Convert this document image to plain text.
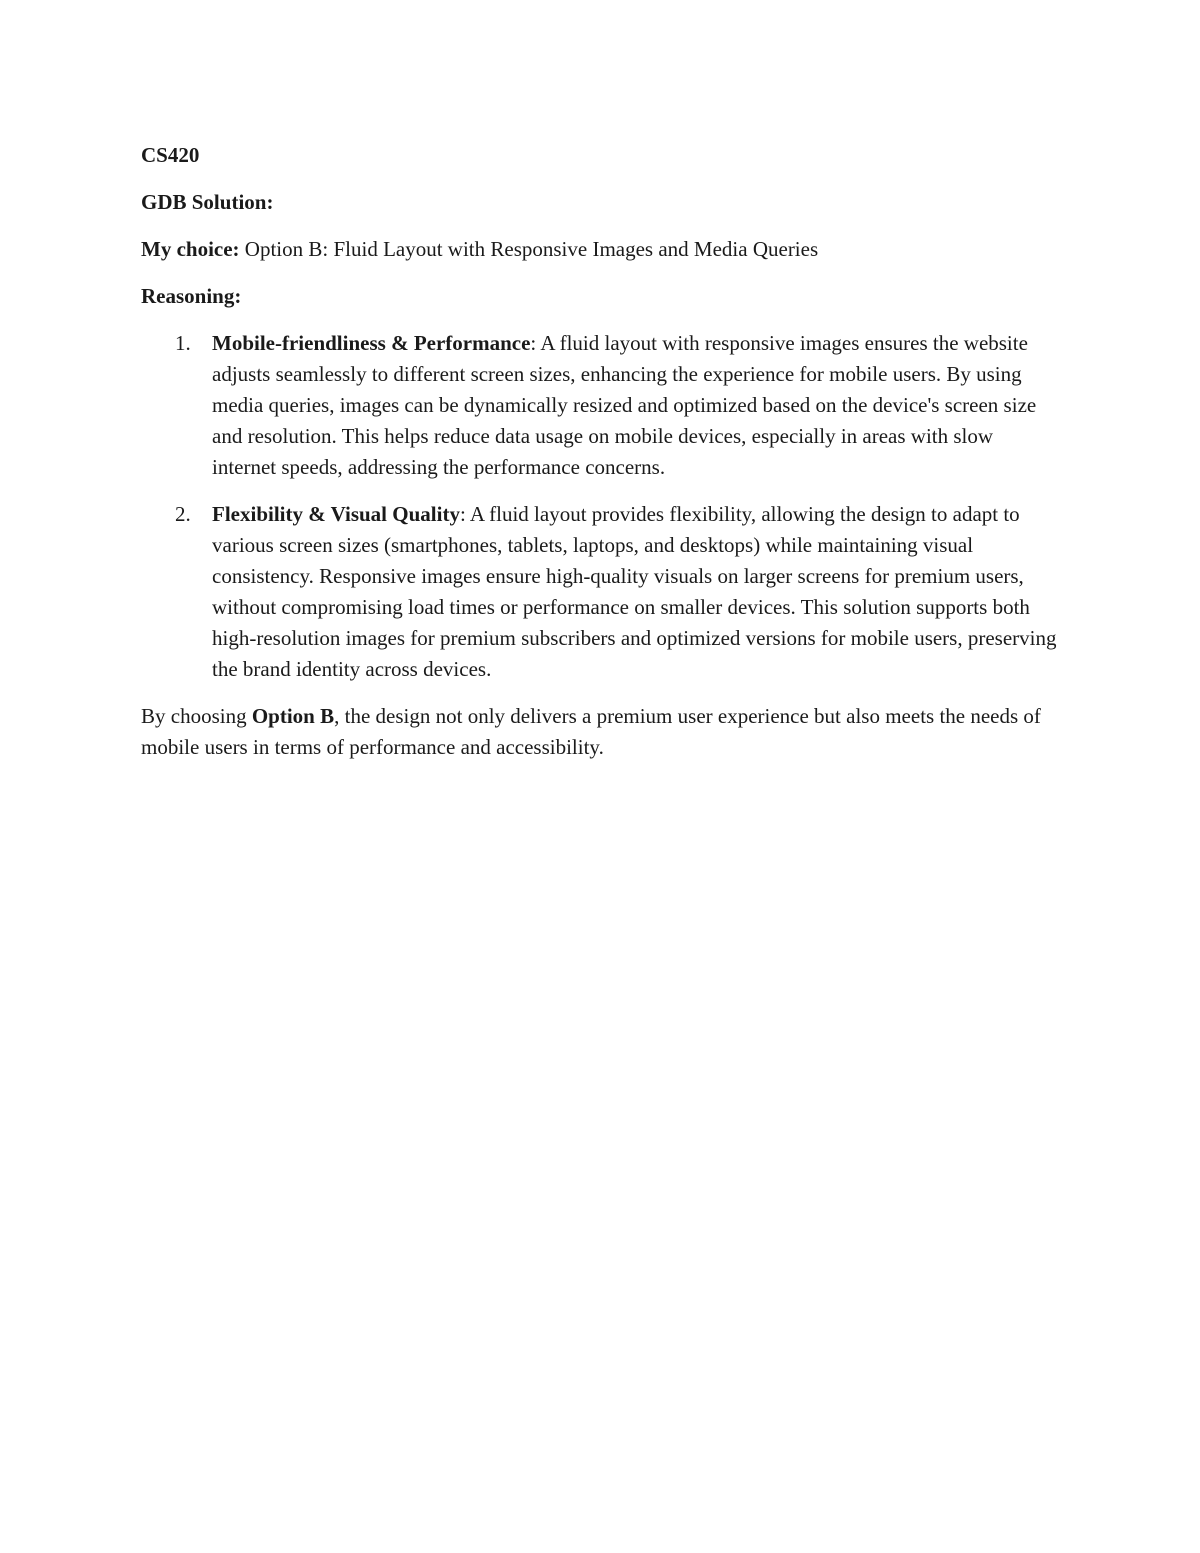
CS420

GDB Solution:

My choice: Option B: Fluid Layout with Responsive Images and Media Queries

Reasoning:

1. Mobile-friendliness & Performance: A fluid layout with responsive images ensures the website adjusts seamlessly to different screen sizes, enhancing the experience for mobile users. By using media queries, images can be dynamically resized and optimized based on the device's screen size and resolution. This helps reduce data usage on mobile devices, especially in areas with slow internet speeds, addressing the performance concerns.
2. Flexibility & Visual Quality: A fluid layout provides flexibility, allowing the design to adapt to various screen sizes (smartphones, tablets, laptops, and desktops) while maintaining visual consistency. Responsive images ensure high-quality visuals on larger screens for premium users, without compromising load times or performance on smaller devices. This solution supports both high-resolution images for premium subscribers and optimized versions for mobile users, preserving the brand identity across devices.

By choosing Option B, the design not only delivers a premium user experience but also meets the needs of mobile users in terms of performance and accessibility.
